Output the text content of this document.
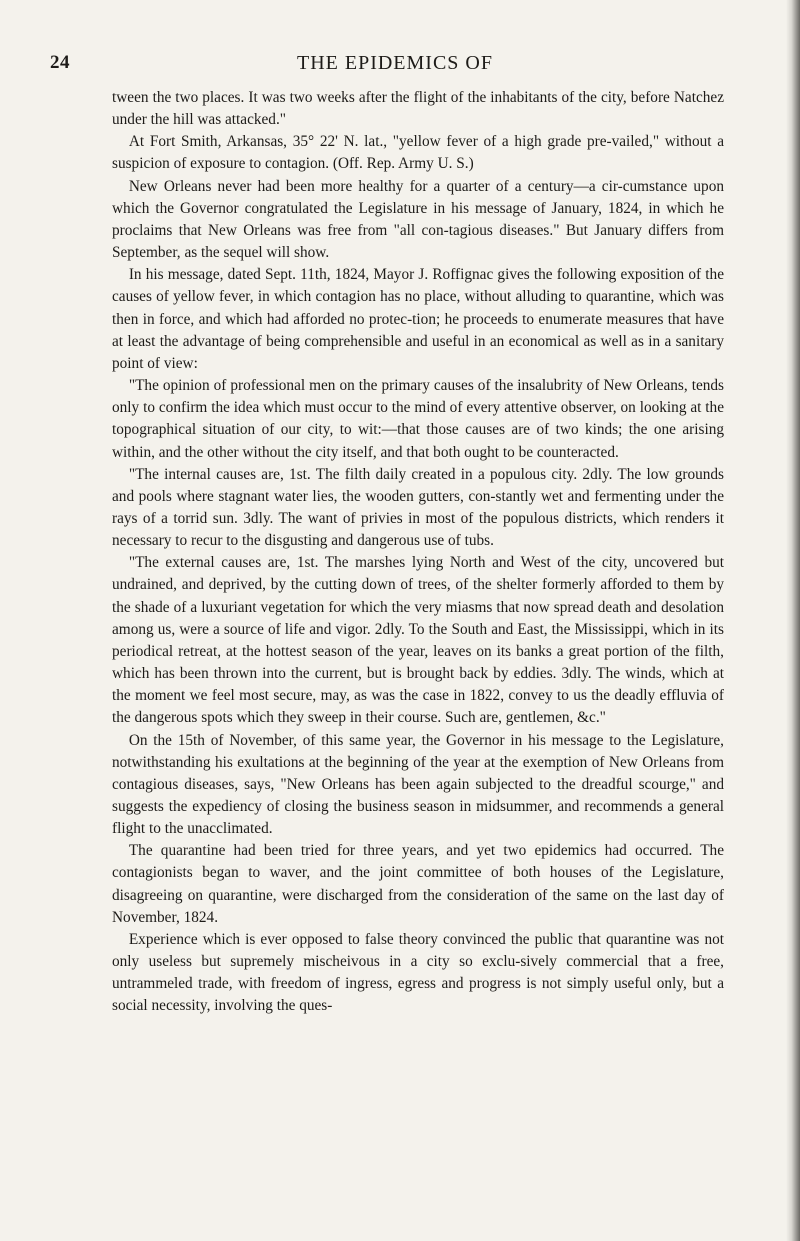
24	THE EPIDEMICS OF

tween the two places. It was two weeks after the flight of the inhabitants of the city, before Natchez under the hill was attacked."

At Fort Smith, Arkansas, 35° 22' N. lat., "yellow fever of a high grade pre-vailed," without a suspicion of exposure to contagion. (Off. Rep. Army U. S.)

New Orleans never had been more healthy for a quarter of a century—a cir-cumstance upon which the Governor congratulated the Legislature in his message of January, 1824, in which he proclaims that New Orleans was free from "all con-tagious diseases." But January differs from September, as the sequel will show.

In his message, dated Sept. 11th, 1824, Mayor J. Roffignac gives the following exposition of the causes of yellow fever, in which contagion has no place, without alluding to quarantine, which was then in force, and which had afforded no protec-tion; he proceeds to enumerate measures that have at least the advantage of being comprehensible and useful in an economical as well as in a sanitary point of view:

"The opinion of professional men on the primary causes of the insalubrity of New Orleans, tends only to confirm the idea which must occur to the mind of every attentive observer, on looking at the topographical situation of our city, to wit:—that those causes are of two kinds; the one arising within, and the other without the city itself, and that both ought to be counteracted.

"The internal causes are, 1st. The filth daily created in a populous city. 2dly. The low grounds and pools where stagnant water lies, the wooden gutters, con-stantly wet and fermenting under the rays of a torrid sun. 3dly. The want of privies in most of the populous districts, which renders it necessary to recur to the disgusting and dangerous use of tubs.

"The external causes are, 1st. The marshes lying North and West of the city, uncovered but undrained, and deprived, by the cutting down of trees, of the shelter formerly afforded to them by the shade of a luxuriant vegetation for which the very miasms that now spread death and desolation among us, were a source of life and vigor. 2dly. To the South and East, the Mississippi, which in its periodical retreat, at the hottest season of the year, leaves on its banks a great portion of the filth, which has been thrown into the current, but is brought back by eddies. 3dly. The winds, which at the moment we feel most secure, may, as was the case in 1822, convey to us the deadly effluvia of the dangerous spots which they sweep in their course. Such are, gentlemen, &c."

On the 15th of November, of this same year, the Governor in his message to the Legislature, notwithstanding his exultations at the beginning of the year at the exemption of New Orleans from contagious diseases, says, "New Orleans has been again subjected to the dreadful scourge," and suggests the expediency of closing the business season in midsummer, and recommends a general flight to the unacclimated.

The quarantine had been tried for three years, and yet two epidemics had occurred. The contagionists began to waver, and the joint committee of both houses of the Legislature, disagreeing on quarantine, were discharged from the consideration of the same on the last day of November, 1824.

Experience which is ever opposed to false theory convinced the public that quarantine was not only useless but supremely mischeivous in a city so exclu-sively commercial that a free, untrammeled trade, with freedom of ingress, egress and progress is not simply useful only, but a social necessity, involving the ques-
